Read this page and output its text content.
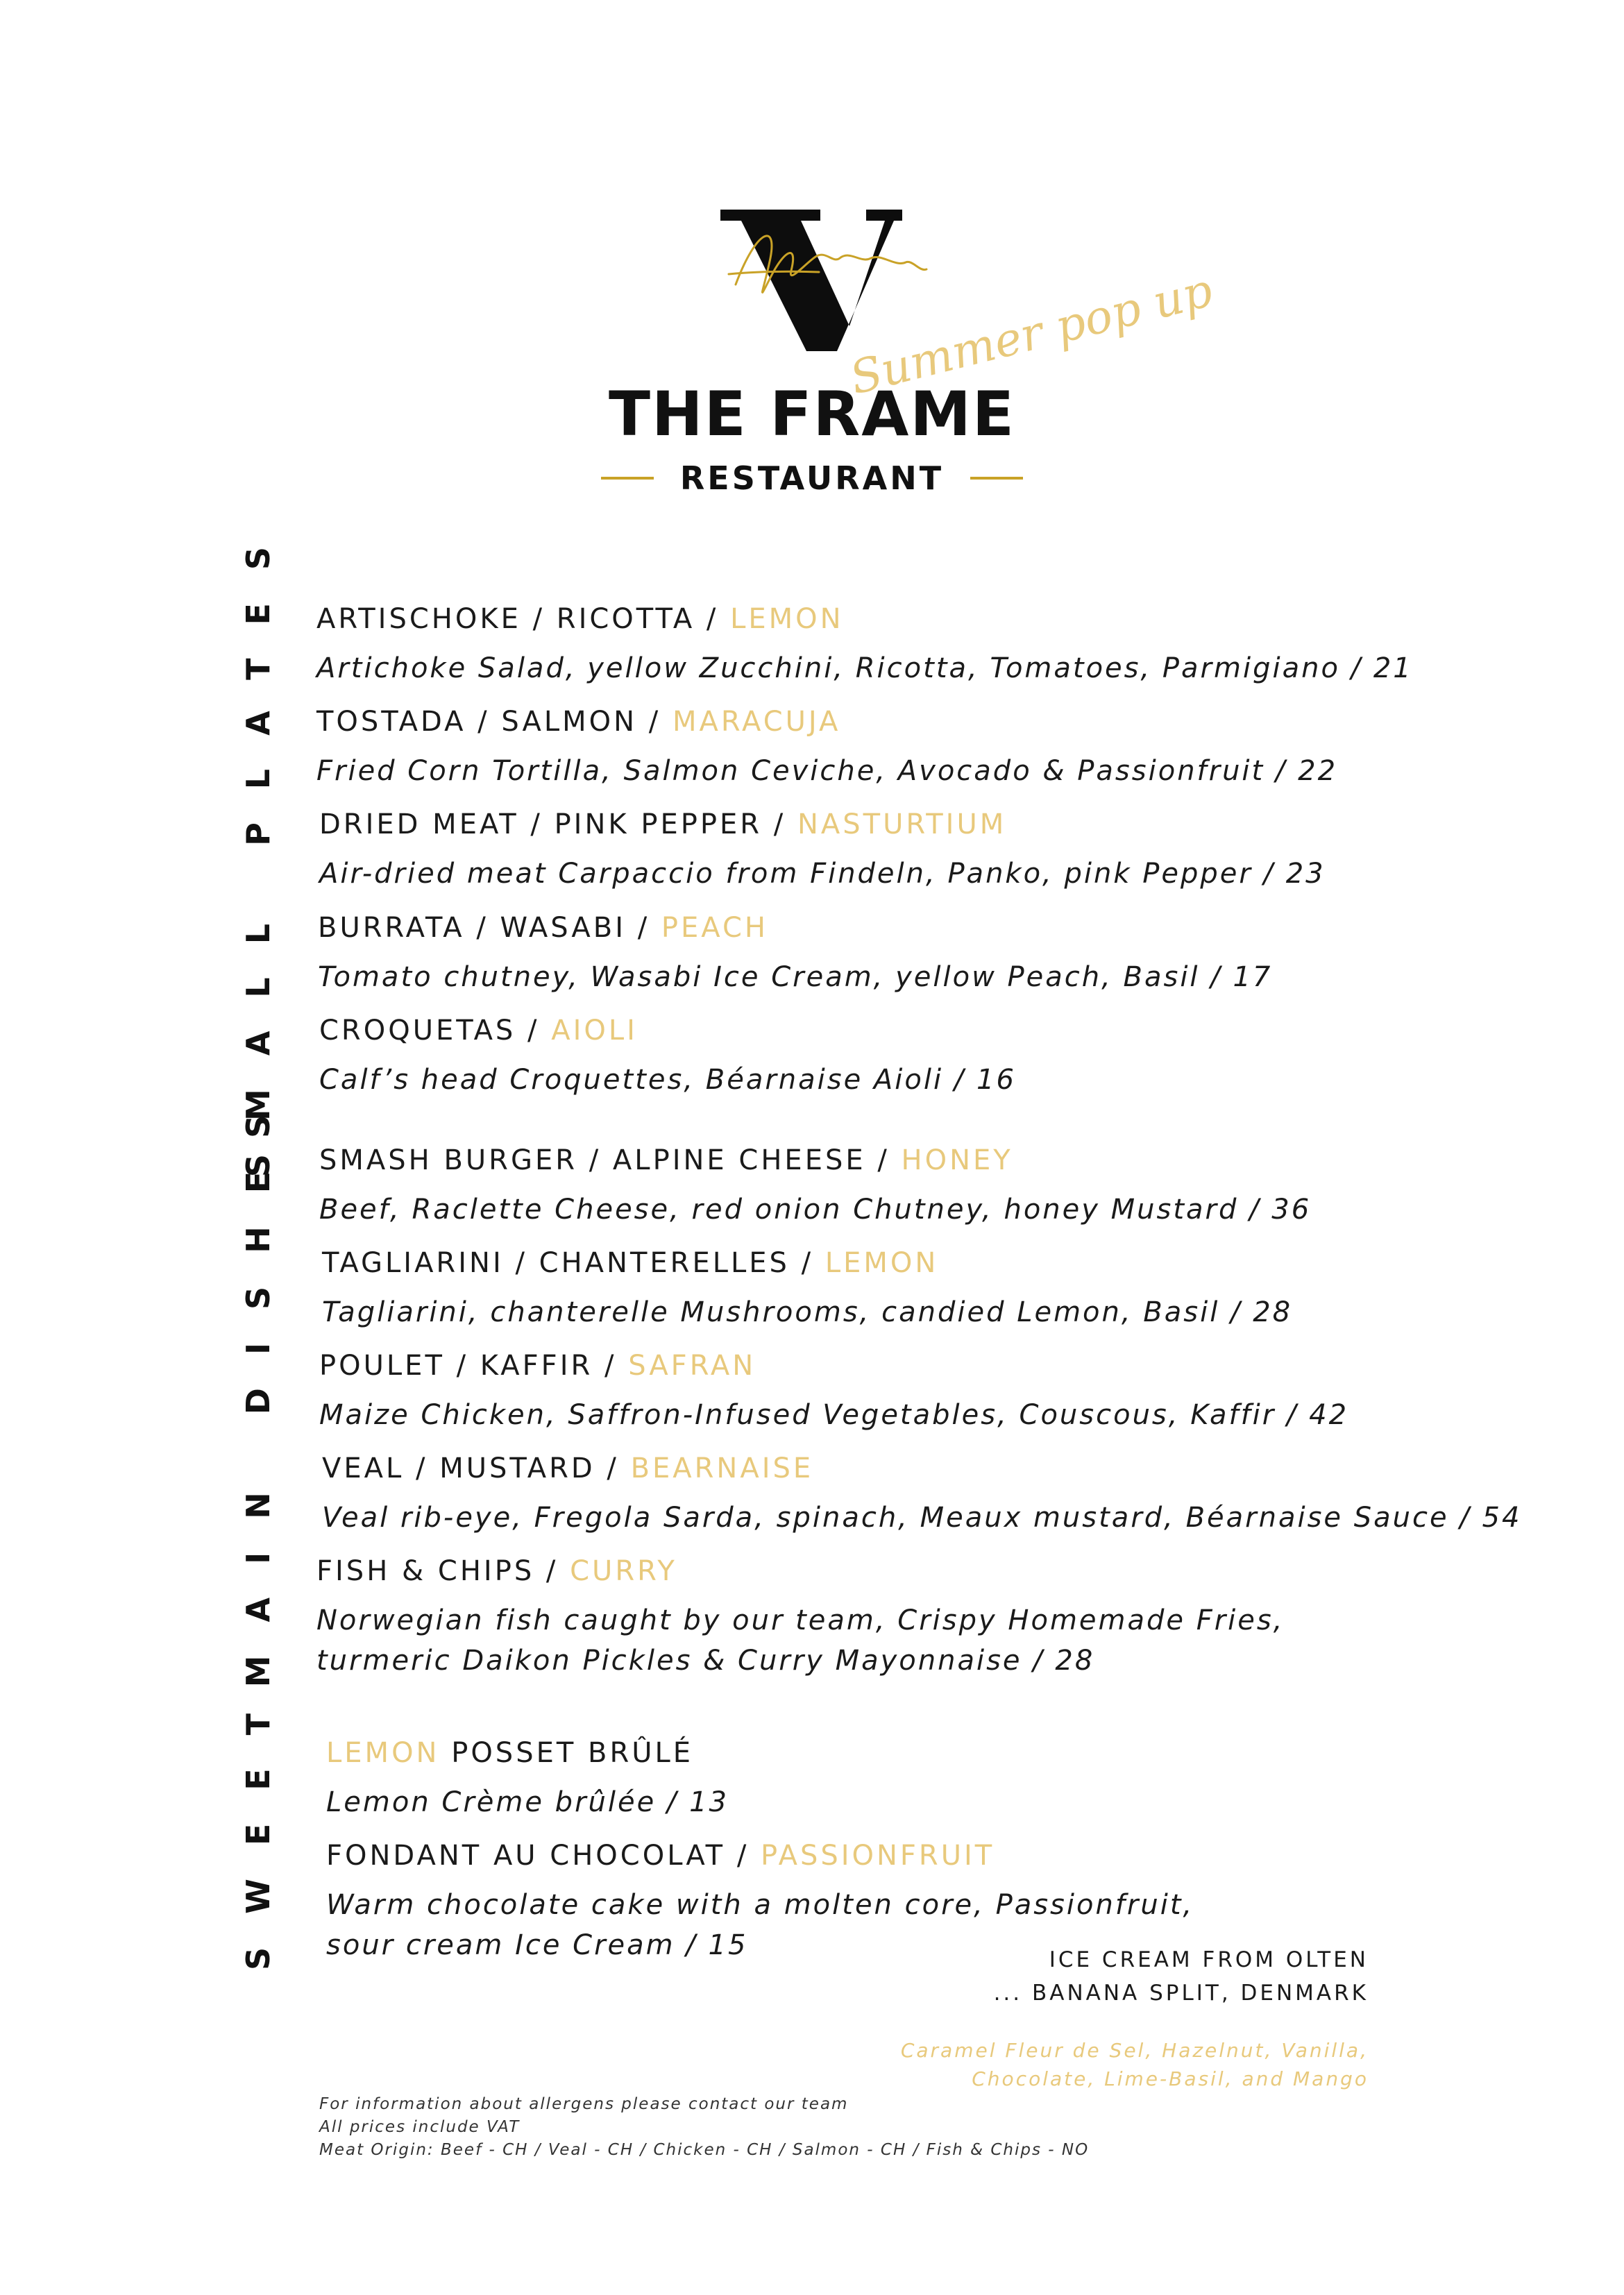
Summer pop up
THE FRAME
RESTAURANT
SMALL PLATES
MAIN DISHES
SWEET
ARTISCHOKE / RICOTTA / LEMON
Artichoke Salad, yellow Zucchini, Ricotta, Tomatoes, Parmigiano / 21
TOSTADA / SALMON / MARACUJA
Fried Corn Tortilla, Salmon Ceviche, Avocado & Passionfruit / 22
DRIED MEAT / PINK PEPPER / NASTURTIUM
Air-dried meat Carpaccio from Findeln, Panko, pink Pepper / 23
BURRATA / WASABI / PEACH
Tomato chutney, Wasabi Ice Cream, yellow Peach, Basil / 17
CROQUETAS / AIOLI
Calf’s head Croquettes, Béarnaise Aioli / 16
SMASH BURGER / ALPINE CHEESE / HONEY
Beef, Raclette Cheese, red onion Chutney, honey Mustard / 36
TAGLIARINI / CHANTERELLES / LEMON
Tagliarini, chanterelle Mushrooms, candied Lemon, Basil / 28
POULET / KAFFIR / SAFRAN
Maize Chicken, Saffron-Infused Vegetables, Couscous, Kaffir / 42
VEAL / MUSTARD / BEARNAISE
Veal rib-eye, Fregola Sarda, spinach, Meaux mustard, Béarnaise Sauce / 54
FISH & CHIPS / CURRY
Norwegian fish caught by our team, Crispy Homemade Fries,
turmeric Daikon Pickles & Curry Mayonnaise / 28
LEMON POSSET BRÛLÉ
Lemon Crème brûlée / 13
FONDANT AU CHOCOLAT / PASSIONFRUIT
Warm chocolate cake with a molten core, Passionfruit,
sour cream Ice Cream / 15	ICE CREAM FROM OLTEN
... BANANA SPLIT, DENMARK
Caramel Fleur de Sel, Hazelnut, Vanilla,
Chocolate, Lime-Basil, and Mango
For information about allergens please contact our team
All prices include VAT
Meat Origin: Beef - CH / Veal - CH / Chicken - CH / Salmon - CH / Fish & Chips - NO
